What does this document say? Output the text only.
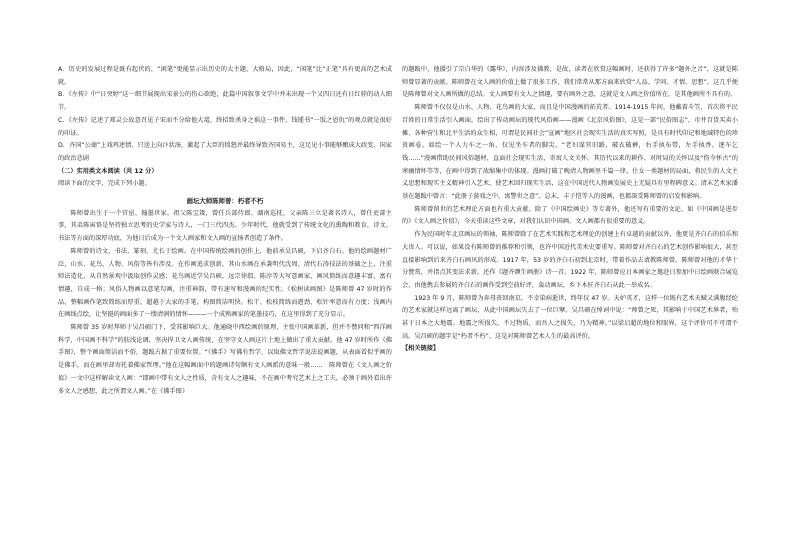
A．历史的发展过程是既有起伏的，“闲笔”更能显示出历史的大主题、大格局，因此，“闲笔”比“正笔”具有更高的艺术成就。

B．《左传》中“日突婷”这一细节展现出宋景公的伤心欲绝，此篇中国叙事文学中并未出现一个又四日还有日红骍的动人细节。

C．《左传》记述了郑灵公故意召见子宋而不分给他大鼋，终招致杀身之祸这一事件，钱锺书“一饭之恩仇”的观点就是很好的印证。

D．齐国“公鼐”上戏鸡述情、只送上向汴状汤，激起了大臣的愤怒并最终导致齐国易主，这足见小事能够酿成大政变、国家的政治悲剧

（二）实用类文本阅读（共 12 分）

阅读下面的文字，完成下列小题。

画坛大师陈师曾：朽者不朽

陈师曾出生于一个官宦、翰墨世家，祖父陈宝箴，曾任兵部侍郎、湖南巡抚，父亲陈三立是著名诗人，曾任吏部主事，其弟陈寅恪是坚持独立思考的史学家与诗人，一门三代四杰。少年时代，他就受到了传统文化的熏陶和教育，诗文、书法等方面的深厚功底，为他日后成为一个文人画家和文人画的宣扬者创造了条件。

陈师曾的诗文、书法、篆刻、尤长于绘画。在中国传统绘画的创作上，他前承吴昌硕，下启齐白石。他的绘画题材广泛，山水、花鸟、人物、风俗等皆有涉及。在作画追求创新，其山水画在承袭明代沈周、清代石涛技法的基础之上，注重师法造化，从自然景观中汲取创作灵感；花鸟画近学吴昌硕，远宗徐渭、陈淳等大写意画家，画风简练而意趣丰富，富有情趣，自成一格；风俗人物画以意笔勾画，注重神韵，带有速写和漫画的纪实性。《松树读画图》是陈师曾 47 岁时的作品，整幅画作笔致简练而厚重，超越于大家的手笔，构图简洁明快。松干、松枝简练而遒劲，松针率意而有力度；浅画内在画线点绘，让坚挺的画面多了一缕清润的情怀———一个成熟画家的笔墨技巧，在这里得到了充分显示。

陈师曾 35 岁时拜师于吴昌硕门下，受其影响巨大。他通晓中西绘画的原理，主张中国画革新，但并不赞同和“西洋画科学，中国画不科学”的肤浅论调，坚决捍卫文人画传统，在坚守文人画这片土地上做出了重大贡献。他 47 岁时所作《佛手图》，整个画面简洁而不俗，题跋占据了重要位置。“《佛手》写佛有哲学，以取佛文哲学说法说画题，从表面看似乎画的是佛手，而在画里却寄托着佛家哲理。”他在这幅画面中的题画诗句颇有文人画派的意味一般……　陈师曾在《文人画之价值》一文中这样解读文人画：“即画中带有文人之性质，含有文人之趣味，不在画中考究艺术上之工夫，必须于画外看出许多文人之感想，此之所谓文人画。”在《佛手图》

的题跋中，他援引了宗白华的《露华》，内容涉及佛教、是故，读者在欣赏这幅画时，还获得了许多“题外之音”，这就是陈师曾显著的贡献。陈师曾在文人画的价值上做了很多工作，我们常常从那方面来欣赏“人品、学问、才情、思想”，这几乎便是陈师曾对文人画所做的总结。文人画要有文人之情趣，要有画外之意，这就是文人画之价值所在，是其他画所不具有的。

陈师曾不仅仅是山水、人物、花鸟画的大家，而且是中国漫画的拓荒者。1914-1915 年间，他戴着斗笠，首次将平民百姓的日常生活引入画面，绘出了传动画坛的现代风俗画——漫画《北京风俗图》，这是一部“民俗图志”，市井百货买卖小摊、各种营生和北平生活的众生相，可谓是民间社会“宣画”地区社会现实生活的真实写照，是具有时代印记和地域特色的珍贵画卷。如绘一个人力车之一角，仅见坐车者的脚尖，“老妇谋官旧路，破衣破裤，右手执布带，左手执香，逐车乞钱……”漫画借助民间风俗题材，直面社会现实生活，寄寓人文关怀。其历代以来的耕作、对时局的关怀以及“伤今怀古”的寒幽情怀等等，在画中得到了浓缩集中的体现。漫画打破了晚清人物画里千篇一律、仕女一类题材的局面，将民生的人文主义思想和现实主义精神引入艺术，使艺术回归现实生活，这在中国近代人物画发展史上无疑具有里程碑意义。清末艺术家潘基在题跋中曾言：“此册子游戏之中，寓警世之意”。总末，丰子恺等人的漫画，也都深受陈师曾的启发和影响。

陈师曾留世的艺术理论方面也有重大贡献。除了《中国绘画史》等专著外，他还写有重要的文论，如《中国画是进步的》《文人画之价值》，今天重读这些文章，对我们认识中国画、文人画都有很重要的意义。

作为民国时年北京画坛的领袖，陈师曾除了在艺术实践和艺术理论的创建上有卓越的贡献以外，他更是齐白石的伯乐和大贵人。可以说，如果没有陈师曾的推荐和引领，也许中国近代美术史要重写。陈师曾对齐白石的艺术创作影响很大，甚至直接影响到后来齐白石画风的形成。1917 年，53 岁的齐白石初到北京时，带着作品去请教陈师曾。陈师曾对他的才华十分赞赏，并指点其变法求新，还作《题齐濒生画册》诗一首。1922 年，陈师曾应日本画家之邀赴日参加中日绘画联合展览会，由他携去参展的齐白石的画作受到空前好评，轰动画坛，乡下木匠齐白石从此一举成名。

1923 年 9 月，陈师曾为奔母丧回南京，不幸染病逝世，终年仅 47 岁。天妒英才，这样一位既有艺术天赋又满腹经纶的艺术家就这样远离了画坛，从此中国画坛失去了一位巨擘。吴昌硕在悼词中说：“师曾之死，其影响于中国艺术界者，殆甚于日本之大地震。地震之所损失，不过物质，而吾人之损失，乃为精神。”以梁启超的地位和眼界，这个评价可不可谓不高。吴昌硕的题字是“朽者不朽”，这是对陈师曾艺术人生的最高评价。

【相关链接】
